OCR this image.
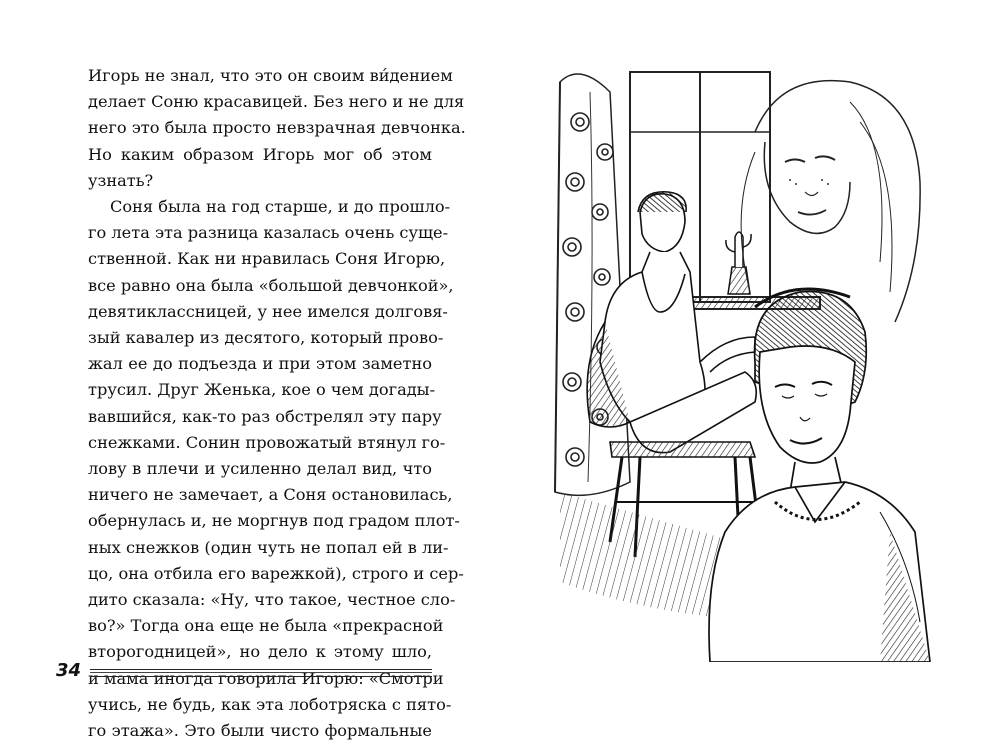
Игорь не знал, что это он своим ви́дением
делает Соню красавицей. Без него и не для
него это была просто невзрачная девчонка.
Но каким образом Игорь мог об этом
узнать?
Соня была на год старше, и до прошло-
го лета эта разница казалась очень суще-
ственной. Как ни нравилась Соня Игорю,
все равно она была «большой девчонкой»,
девятиклассницей, у нее имелся долговя-
зый кавалер из десятого, который прово-
жал ее до подъезда и при этом заметно
трусил. Друг Женька, кое о чем догады-
вавшийся, как-то раз обстрелял эту пару
снежками. Сонин провожатый втянул го-
лову в плечи и усиленно делал вид, что
ничего не замечает, а Соня остановилась,
обернулась и, не моргнув под градом плот-
ных снежков (один чуть не попал ей в ли-
цо, она отбила его варежкой), строго и сер-
дито сказала: «Ну, что такое, честное сло-
во?» Тогда она еще не была «прекрасной
второгодницей», но дело к этому шло,
и мама иногда говорила Игорю: «Смотри
учись, не будь, как эта лоботряска с пято-
го этажа». Это были чисто формальные
34
